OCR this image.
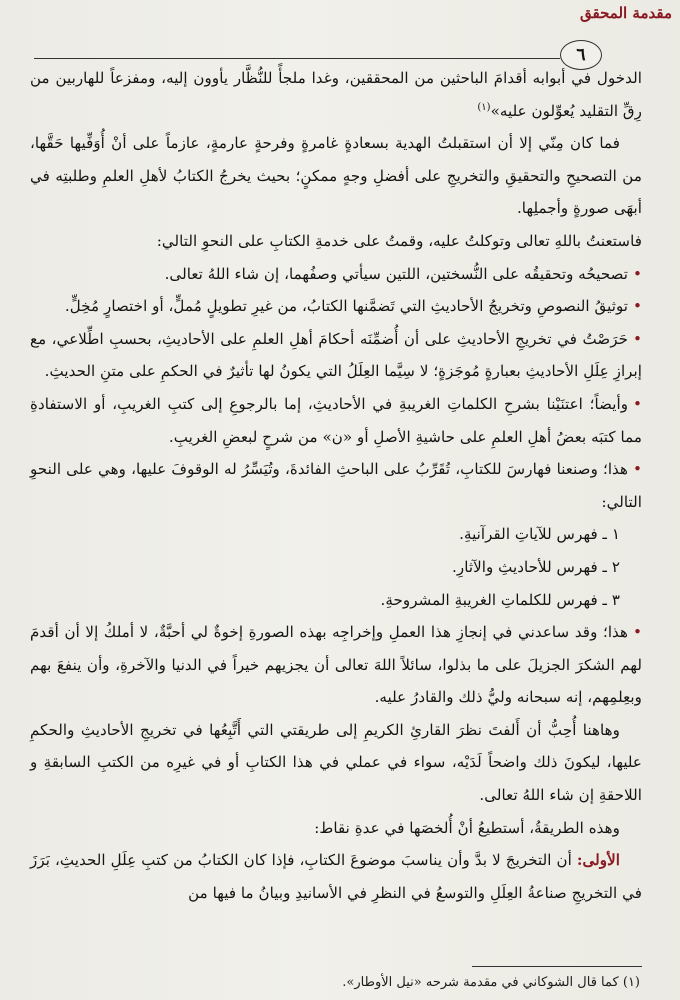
مقدمة المحقق
٦

الدخول في أبوابه أقدامَ الباحثين من المحققين، وغدا ملجأً للنُّظَّار يأوون إليه، ومفزعاً للهاربين من رِقِّ التقليد يُعوِّلون عليه»$^{(١)}$

فما كان مِنّي إلا أن استقبلتُ الهدية بسعادةٍ غامرةٍ وفرحةٍ عارمةٍ، عازماً على أنْ أُوَفِّيها حَقَّها، من التصحيحِ والتحقيقِ والتخريجِ على أفضلِ وجهٍ ممكنٍ؛ بحيث يخرجُ الكتابُ لأهلِ العلمِ وطلبتِه في أبهَى صورةٍ وأجملِها.

فاستعنتُ باللهِ تعالى وتوكلتُ عليه، وقمتُ على خدمةِ الكتابِ على النحوِ التالي:

•تصحيحُه وتحقيقُه على النُّسختين، اللتين سيأتي وصفُهما، إن شاء اللهُ تعالى.

•توثيقُ النصوصِ وتخريجُ الأحاديثِ التي تَضمَّنها الكتابُ، من غيرِ تطويلٍ مُملٍّ، أو اختصارٍ مُخِلٍّ.

•حَرَصْتُ في تخريجِ الأحاديثِ على أن أُضمِّنَه أحكامَ أهلِ العلمِ على الأحاديثِ، بحسبِ اطِّلاعي، مع إبرازِ عِلَلِ الأحاديثِ بعبارةٍ مُوجَزةٍ؛ لا سِيَّما العِلَلُ التي يكونُ لها تأثيرٌ في الحكمِ على متنِ الحديثِ.

•وأيضاً؛ اعتنَيْنا بشرحِ الكلماتِ الغريبةِ في الأحاديثِ، إما بالرجوعِ إلى كتبِ الغريبِ، أو الاستفادةِ مما كتبَه بعضُ أهلِ العلمِ على حاشيةِ الأصلِ أو «ن» من شرحٍ لبعضِ الغريبِ.

•هذا؛ وصنعنا فهارسَ للكتابِ، تُقَرِّبُ على الباحثِ الفائدةَ، وتُيَسِّرُ له الوقوفَ عليها، وهي على النحوِ التالي:

١ ـ فهرس للآياتِ القرآنيةِ.

٢ ـ فهرس للأحاديثِ والآثارِ.

٣ ـ فهرس للكلماتِ الغريبةِ المشروحةِ.

•هذا؛ وقد ساعدني في إنجازِ هذا العملِ وإخراجِه بهذه الصورةِ إخوةٌ لي أحبَّةٌ، لا أملكُ إلا أن أقدمَ لهم الشكرَ الجزيلَ على ما بذلوا، سائلاً اللهَ تعالى أن يجزيهم خيراً في الدنيا والآخرةِ، وأن ينفعَ بهم وبعِلمِهم، إنه سبحانه وليُّ ذلك والقادرُ عليه.

وهاهنا أُحِبُّ أن أَلفتَ نظرَ القارئِ الكريمِ إلى طريقتي التي أَتَّبِعُها في تخريجِ الأحاديثِ والحكمِ عليها، ليكونَ ذلك واضحاً لَدَيْه، سواء في عملي في هذا الكتابِ أو في غيرِه من الكتبِ السابقةِ و اللاحقةِ إن شاء اللهُ تعالى.

وهذه الطريقةُ، أستطيعُ أنْ أُلخصَها في عدةِ نقاط:

الأولى: أن التخريجَ لا بدَّ وأن يناسبَ موضوعَ الكتابِ، فإذا كان الكتابُ من كتبِ عِلَلِ الحديثِ، بَرَزَ في التخريجِ صناعةُ العِلَلِ والتوسعُ في النظرِ في الأسانيدِ وبيانُ ما فيها من

(١) كما قال الشوكاني في مقدمة شرحه «نيل الأوطار».
